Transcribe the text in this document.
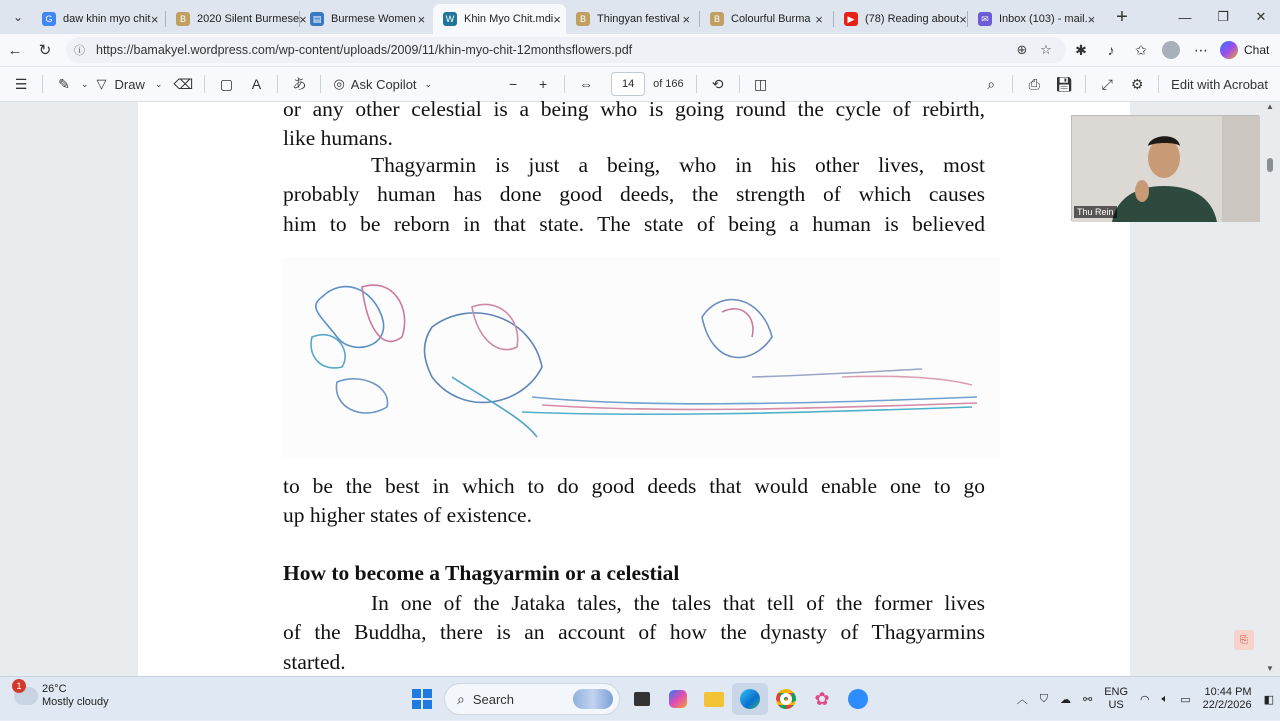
⌄	G daw khin myo chit ×	B	2020 Silent Burmese × ▤ Burmese Women ×	W Khin Myo Chit.mdi ×	B	Thingyan festival ×	B	Colourful Burma ×	▶ (78) Reading about ×	✉ Inbox (103) - mail. ×	+	—	❐	✕
←	↻	ⓘ https://bamakyel.wordpress.com/wp-content/uploads/2009/11/khin-myo-chit-12monthsflowers.pdf	⊕ ☆	✱	♪	✩	⋯	Chat
☰	✎	⌄ ▽ Draw ⌄ ⌫	▢	A	あ	◎ Ask Copilot ⌄	−	+	⇔	14	of 166	⟲	◫	⌕	⎙	💾︎	⤢	⚙	Edit with Acrobat
or any other celestial is a being who is going round the cycle of rebirth,
like humans.
Thagyarmin is just a being, who in his other lives, most
probably human has done good deeds, the strength of which causes
him to be reborn in that state. The state of being a human is believed
to be the best in which to do good deeds that would enable one to go
up higher states of existence.
How to become a Thagyarmin or a celestial
In one of the Jataka tales, the tales that tell of the former lives
of the Buddha, there is an account of how the dynasty of Thagyarmins
started.
▲
▼
⎘
Thu Rein
1	26°C
Mostly cloudy	⌕ Search	✿	︿ ⛉ ☁ ⚯
ENG
US	◠ 🔈︎ ▭
10:44 PM
22/2/2026 ◧
